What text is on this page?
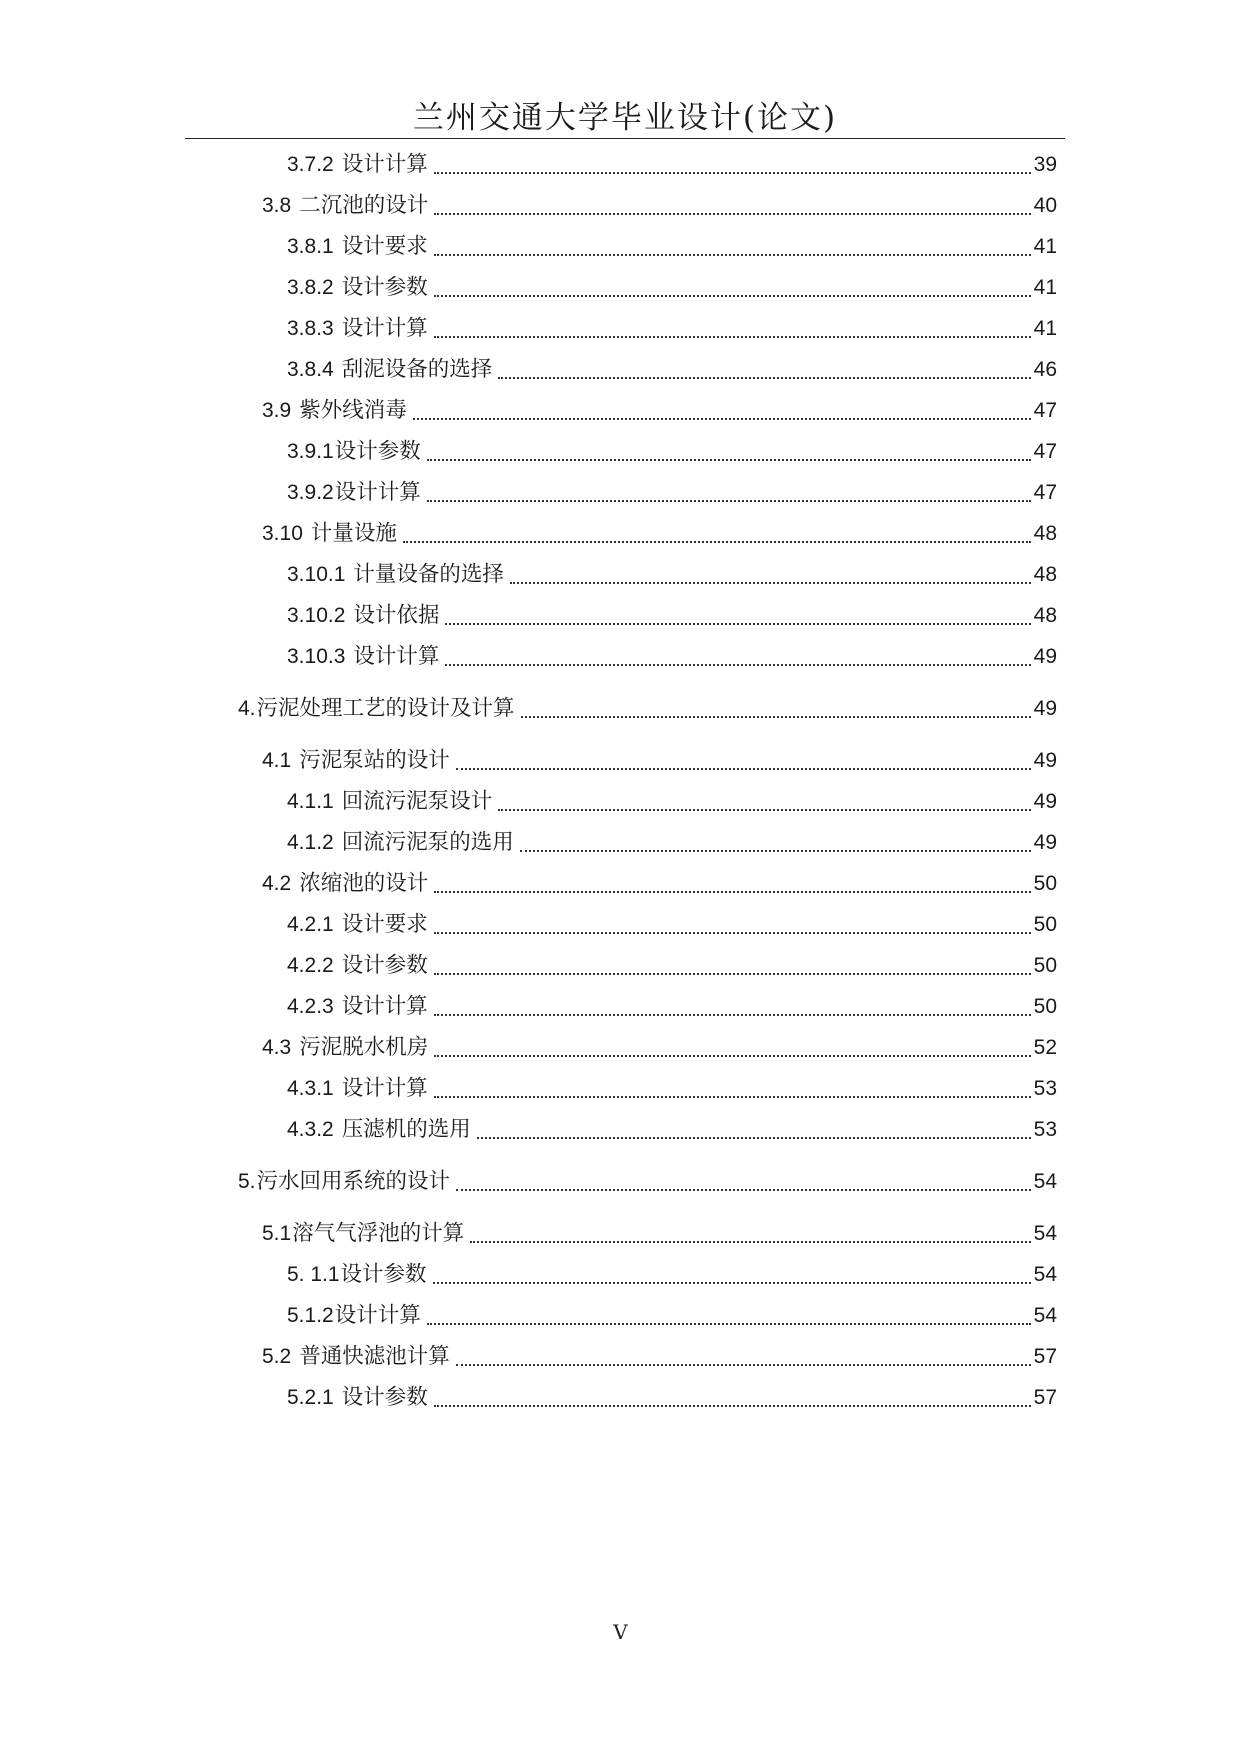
兰州交通大学毕业设计(论文)
3.7.2 设计计算	39
3.8 二沉池的设计	40
3.8.1 设计要求	41
3.8.2 设计参数	41
3.8.3 设计计算	41
3.8.4 刮泥设备的选择	46
3.9 紫外线消毒	47
3.9.1 设计参数	47
3.9.2 设计计算	47
3.10 计量设施	48
3.10.1 计量设备的选择	48
3.10.2 设计依据	48
3.10.3 设计计算	49
4. 污泥处理工艺的设计及计算	49
4.1 污泥泵站的设计	49
4.1.1 回流污泥泵设计	49
4.1.2 回流污泥泵的选用	49
4.2 浓缩池的设计	50
4.2.1 设计要求	50
4.2.2 设计参数	50
4.2.3 设计计算	50
4.3 污泥脱水机房	52
4.3.1 设计计算	53
4.3.2 压滤机的选用	53
5. 污水回用系统的设计	54
5.1 溶气气浮池的计算	54
5. 1.1 设计参数	54
5.1.2 设计计算	54
5.2 普通快滤池计算	57
5.2.1 设计参数	57
V
